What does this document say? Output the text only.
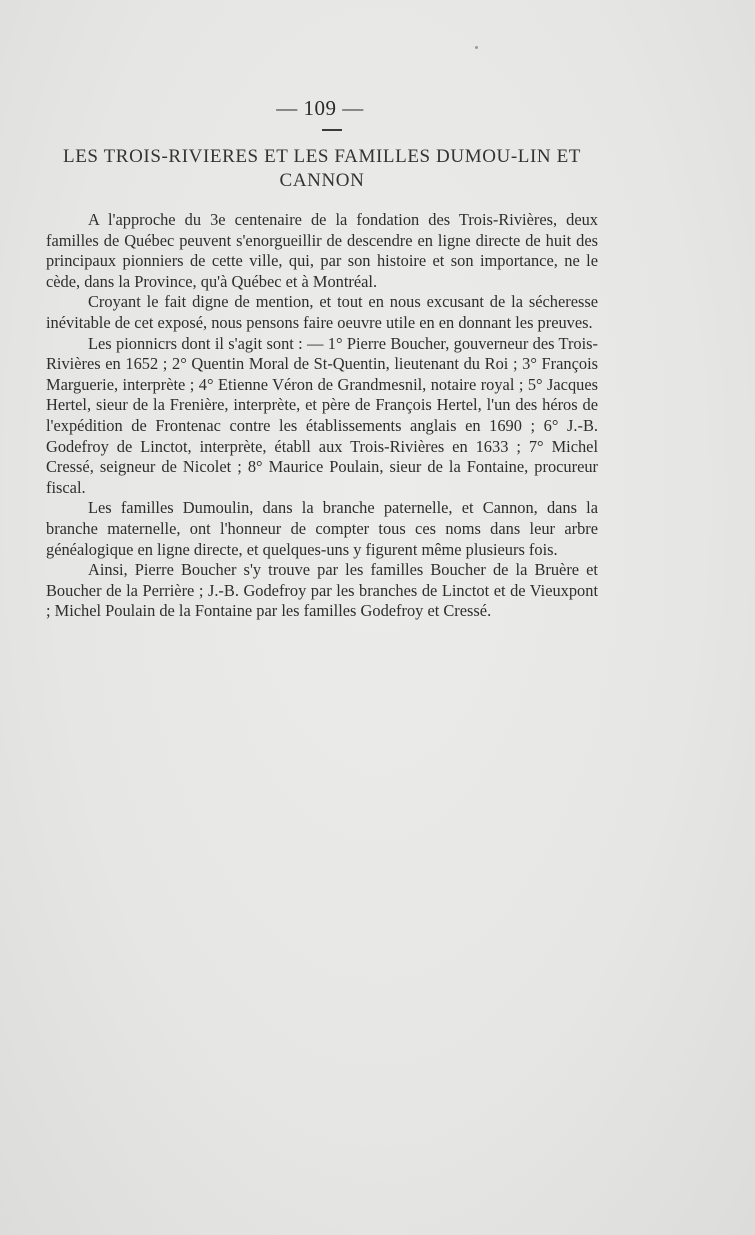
— 109 —
LES TROIS-RIVIERES ET LES FAMILLES DUMOU-LIN ET CANNON

A l'approche du 3e centenaire de la fondation des Trois-Rivières, deux familles de Québec peuvent s'enorgueillir de descendre en ligne directe de huit des principaux pionniers de cette ville, qui, par son histoire et son importance, ne le cède, dans la Province, qu'à Québec et à Montréal.

Croyant le fait digne de mention, et tout en nous excusant de la sécheresse inévitable de cet exposé, nous pensons faire oeuvre utile en en donnant les preuves.

Les pionnicrs dont il s'agit sont : — 1° Pierre Boucher, gouverneur des Trois-Rivières en 1652 ; 2° Quentin Moral de St-Quentin, lieutenant du Roi ; 3° François Marguerie, interprète ; 4° Etienne Véron de Grandmesnil, notaire royal ; 5° Jacques Hertel, sieur de la Frenière, interprète, et père de François Hertel, l'un des héros de l'expédition de Frontenac contre les établissements anglais en 1690 ; 6° J.-B. Godefroy de Linctot, interprète, établl aux Trois-Rivières en 1633 ; 7° Michel Cressé, seigneur de Nicolet ; 8° Maurice Poulain, sieur de la Fontaine, procureur fiscal.

Les familles Dumoulin, dans la branche paternelle, et Cannon, dans la branche maternelle, ont l'honneur de compter tous ces noms dans leur arbre généalogique en ligne directe, et quelques-uns y figurent même plusieurs fois.

Ainsi, Pierre Boucher s'y trouve par les familles Boucher de la Bruère et Boucher de la Perrière ; J.-B. Godefroy par les branches de Linctot et de Vieuxpont ; Michel Poulain de la Fontaine par les familles Godefroy et Cressé.
